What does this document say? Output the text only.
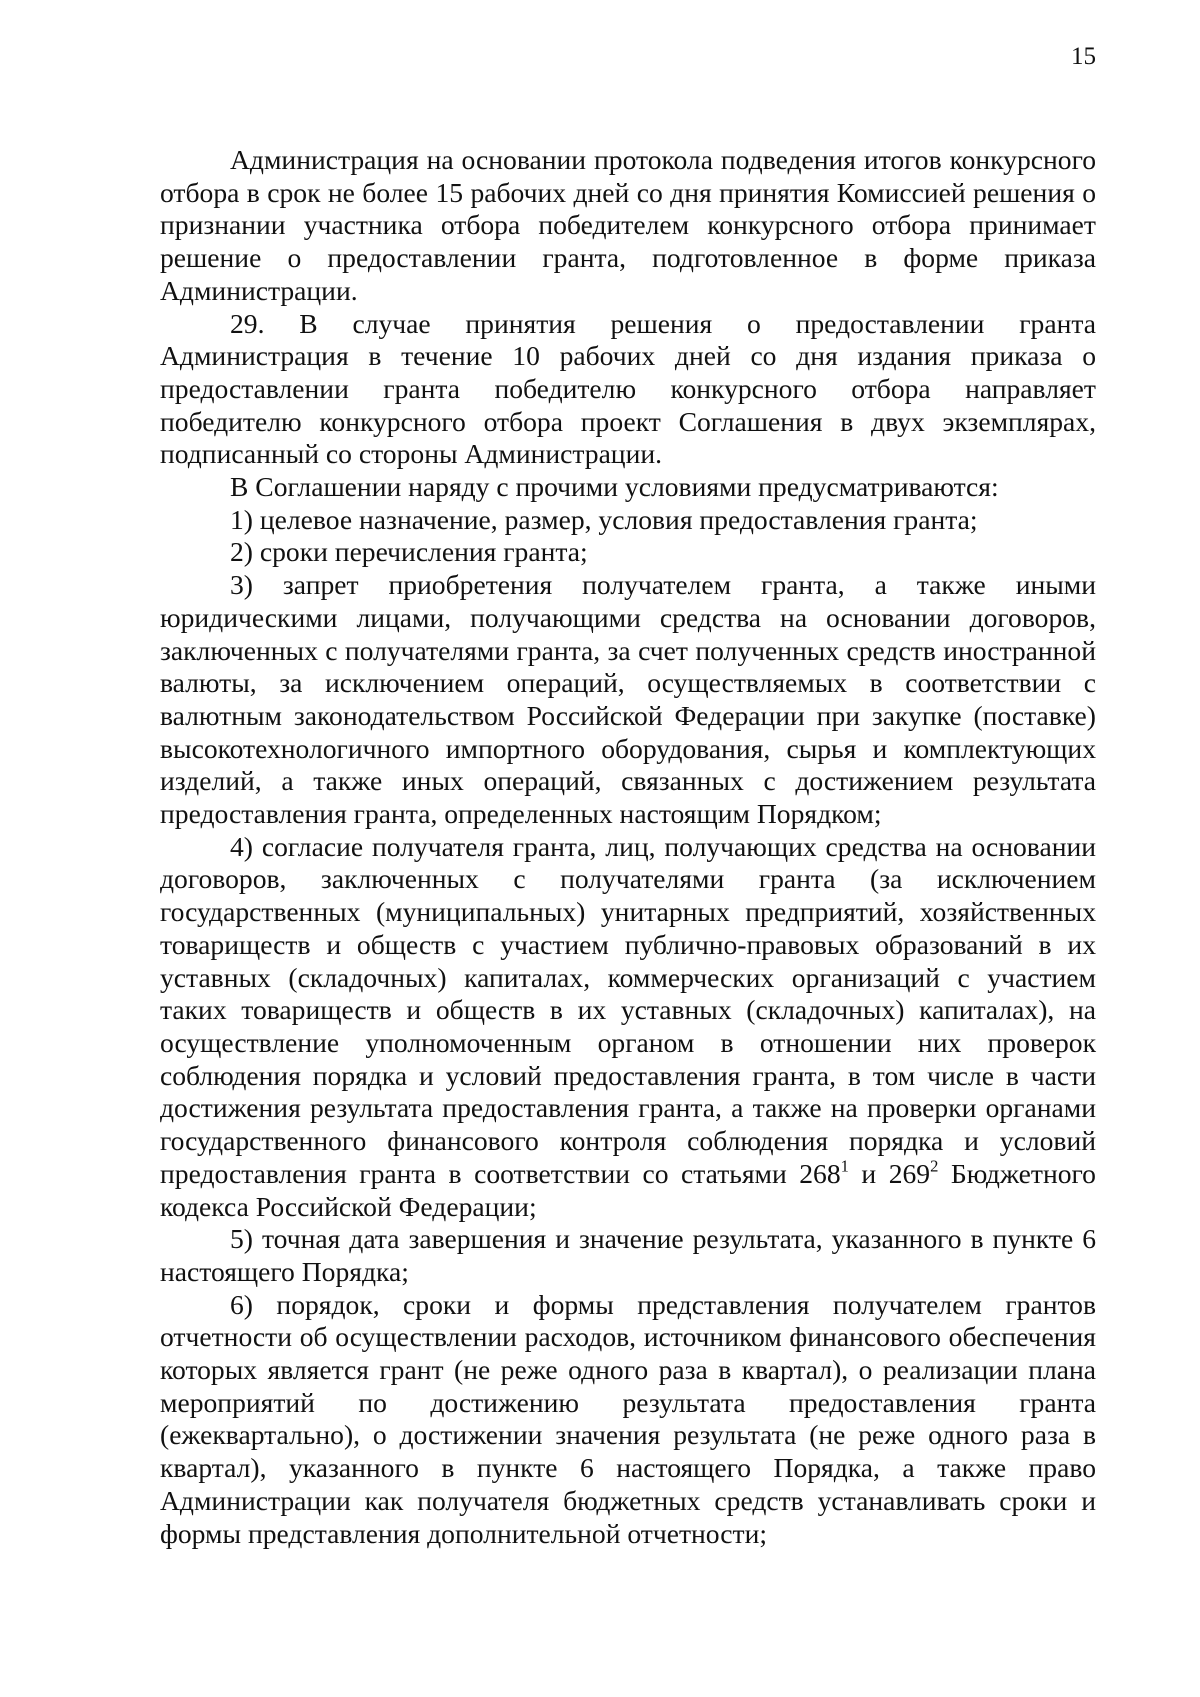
15

Администрация на основании протокола подведения итогов конкурсного отбора в срок не более 15 рабочих дней со дня принятия Комиссией решения о признании участника отбора победителем конкурсного отбора принимает решение о предоставлении гранта, подготовленное в форме приказа Администрации.

29. В случае принятия решения о предоставлении гранта Администрация в течение 10 рабочих дней со дня издания приказа о предоставлении гранта победителю конкурсного отбора направляет победителю конкурсного отбора проект Соглашения в двух экземплярах, подписанный со стороны Администрации.

В Соглашении наряду с прочими условиями предусматриваются:

1) целевое назначение, размер, условия предоставления гранта;

2) сроки перечисления гранта;

3) запрет приобретения получателем гранта, а также иными юридическими лицами, получающими средства на основании договоров, заключенных с получателями гранта, за счет полученных средств иностранной валюты, за исключением операций, осуществляемых в соответствии с валютным законодательством Российской Федерации при закупке (поставке) высокотехнологичного импортного оборудования, сырья и комплектующих изделий, а также иных операций, связанных с достижением результата предоставления гранта, определенных настоящим Порядком;

4) согласие получателя гранта, лиц, получающих средства на основании договоров, заключенных с получателями гранта (за исключением государственных (муниципальных) унитарных предприятий, хозяйственных товариществ и обществ с участием публично-правовых образований в их уставных (складочных) капиталах, коммерческих организаций с участием таких товариществ и обществ в их уставных (складочных) капиталах), на осуществление уполномоченным органом в отношении них проверок соблюдения порядка и условий предоставления гранта, в том числе в части достижения результата предоставления гранта, а также на проверки органами государственного финансового контроля соблюдения порядка и условий предоставления гранта в соответствии со статьями $268^1$ и $269^2$ Бюджетного кодекса Российской Федерации;

5) точная дата завершения и значение результата, указанного в пункте 6 настоящего Порядка;

6) порядок, сроки и формы представления получателем грантов отчетности об осуществлении расходов, источником финансового обеспечения которых является грант (не реже одного раза в квартал), о реализации плана мероприятий по достижению результата предоставления гранта (ежеквартально), о достижении значения результата (не реже одного раза в квартал), указанного в пункте 6 настоящего Порядка, а также право Администрации как получателя бюджетных средств устанавливать сроки и формы представления дополнительной отчетности;
